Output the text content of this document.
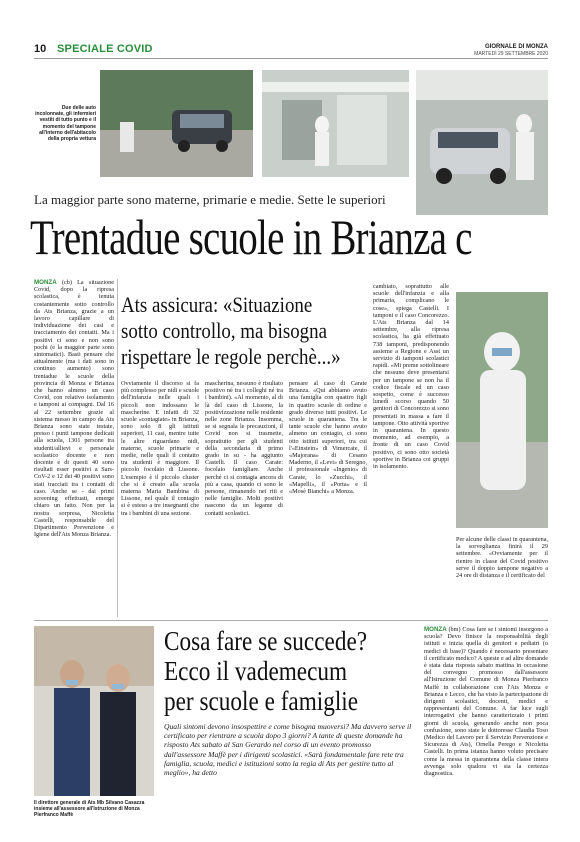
10 SPECIALE COVID	GIORNALE DI MONZA
MARTEDÌ 29 SETTEMBRE 2020
Due delle auto incolonnate, gli infermieri vestiti di tutto punto e il momento del tampone all'interno dell'abitacolo della propria vettura
La maggior parte sono materne, primarie e medie. Sette le superiori
Trentadue scuole in Brianza c
MONZA (cb) La situazione Covid, dopo la ripresa scolastica, è tenuta costantemente sotto controllo da Ats Brianza, grazie a un lavoro capillare di individuazione dei casi e tracciamento dei contatti. Ma i positivi ci sono e non sono pochi (e la maggior parte sono sintomatici). Basti pensare che attualmente (ma i dati sono in continuo aumento) sono trentadue le scuole della provincia di Monza e Brianza che hanno almeno un caso Covid, con relativo isolamento e tamponi ai compagni. Dal 16 al 22 settembre grazie al sistema messo in campo da Ats Brianza sono state testate, presso i punti tampone dedicati alla scuola, 1301 persone tra studenti/allievi e personale scolastico docente e non docente e di questi 40 sono risultati esser positivi a Sars-CoV-2 e 12 dei 40 positivi sono stati tracciati tra i contatti di caso. Anche se - dai primi screening effettuati, emerge chiaro un fatto. Non per la nostra sorpresa, Nicoletta Castelli, responsabile del Dipartimento Prevenzione e Igiene dell'Ats Monza Brianza.
Ats assicura: «Situazione
sotto controllo, ma bisogna
rispettare le regole perchè...»
Ovviamente il discorso si fa più complesso per nidi e scuole dell'infanzia nelle quali i piccoli non indossano le mascherine. E infatti di 32 scuole «contagiate» in Brianza, sono solo 8 gli istituti superiori, 11 casi, mentre tutte le altre riguardano nidi, materne, scuole primarie e medie, nelle quali il contatto tra studenti è maggiore. Il piccolo focolaio di Lissone. L'esempio è il piccolo cluster che si è creato alla scuola materna Maria Bambina di Lissone, nel quale il contagio si è esteso a tre insegnanti che tra i bambini di una sezione.
mascherina, nessuno è risultato positivo né tra i colleghi né tra i bambini). «Al momento, al di là del caso di Lissone, la positivizzazione nelle residente nelle zone Brianza. Insomma, se si segnala le precauzioni, il Covid non si trasmette, soprattutto per gli studenti della secondaria di primo grado in su - ha aggiunto Castelli. Il caso Carate: focolaio famigliare. Anche perché ci si contagia ancora di più a casa, quando ci sono le persone, rimanendo nei riti e nelle famiglie. Molti positivi nascono da un legame di contatti scolastici.
pensare al caso di Carate Brianza. «Qui abbiamo avuto una famiglia con quattro figli in quattro scuole di ordine e grado diverso tutti positivi. Le scuole in quarantena. Tra le tante scuole che hanno avuto almeno un contagio, ci sono otto istituti superiori, tra cui l'«Einstein» di Vimercate, il «Majorana» di Cesano Maderno, il «Levi» di Seregno, il professionale «Ingenio» di Carate, lo «Zucchi», il «Mapelli», il «Porta» e il «Mosè Bianchi» a Monza.
cambiato, soprattutto alle scuole dell'infanzia e alla primaria, complicano le cose», spiega Castelli. I tamponi e il caso Concorezzo. L'Ats Brianza dal 14 settembre, alla ripresa scolastica, ha già effettuato 738 tamponi, predisponendo assieme a Regione e Asst un servizio di tamponi scolastici rapidi. «Mi preme sottolineare che nessuno deve presentarsi per un tampone se non ha il codice fiscale ed un caso sospetto, come è successo lunedì scorso quando 50 genitori di Concorezzo si sono presentati in massa a fare il tampone. Otto attività sportive in quarantena. In questo momento, ad esempio, a fronte di un caso Covid positivo, ci sono otto società sportive in Brianza coi gruppi in isolamento.
Per alcune delle classi in quarantena, la sorveglianza finirà il 29 settembre. «Ovviamente per il rientro in classe del Covid positivo serve il doppio tampone negativo a 24 ore di distanza e il certificato del
Il direttore generale di Ats Mb Silvano Casazza insieme all'assessore all'Istruzione di Monza Pierfranco Maffè
Cosa fare se succede?
Ecco il vademecum
per scuole e famiglie
Quali sintomi devono insospettire e come bisogna muoversi? Ma davvero serve il certificato per rientrare a scuola dopo 3 giorni? A tante di queste domande ha risposto Ats sabato al San Gerardo nel corso di un evento promosso dall'assessore Maffè per i dirigenti scolastici. «Sarà fondamentale fare rete tra famiglia, scuola, medici e istituzioni sotto la regia di Ats per gestire tutto al meglio», ha detto
MONZA (bm) Cosa fare se i sintomi insorgono a scuola? Devo finisce la responsabilità degli istituti e inizia quella di genitori e pediatri (o medici di base)? Quando è necessario presentare il certificato medico? A queste e ad altre domande è stata data risposta sabato mattina in occasione del convegno promosso dall'assessore all'Istruzione del Comune di Monza Pierfranco Maffè in collaborazione con l'Ats Monza e Brianza e Lecco, che ha visto la partecipazione di dirigenti scolastici, docenti, medici e rappresentanti del Comune. A far luce sugli interrogativi che hanno caratterizzato i primi giorni di scuola, generando anche non poca confusione, sono state le dottoresse Claudia Toso (Medico del Lavoro per il Servizio Prevenzione e Sicurezza di Ats), Ornella Perego e Nicoletta Castelli. In prima istanza hanno voluto precisare come la messa in quarantena della classe intera avvenga solo qualora vi sia la certezza diagnostica.
